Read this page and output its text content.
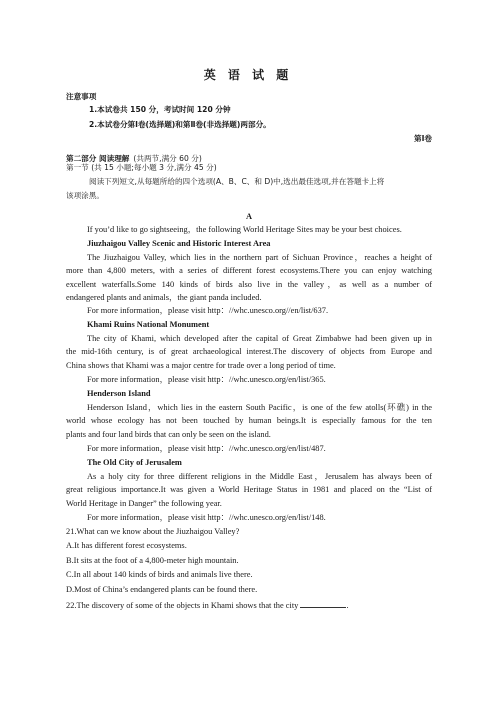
英 语 试 题
注意事项
1.本试卷共 150 分，考试时间 120 分钟
2.本试卷分第Ⅰ卷(选择题)和第Ⅱ卷(非选择题)两部分。
第Ⅰ卷
第二部分 阅读理解 (共两节,满分 60 分)
第一节 (共 15 小题;每小题 3 分,满分 45 分)
阅读下列短文,从每题所给的四个选项(A、B、C、和 D)中,选出最佳选项,并在答题卡上将
该项涂黑。
A
If you’d like to go sightseeing，the following World Heritage Sites may be your best choices.
Jiuzhaigou Valley Scenic and Historic Interest Area
The Jiuzhaigou Valley, which lies in the northern part of Sichuan Province，reaches a height of
more than 4,800 meters, with a series of different forest ecosystems.There you can enjoy watching
excellent waterfalls.Some 140 kinds of birds also live in the valley，as well as a number of
endangered plants and animals，the giant panda included.
For more information，please visit http：//whc.unesco.org//en/list/637.
Khami Ruins National Monument
The city of Khami, which developed after the capital of Great Zimbabwe had been given up in
the mid-16th century, is of great archaeological interest.The discovery of objects from Europe and
China shows that Khami was a major centre for trade over a long period of time.
For more information，please visit http：//whc.unesco.org/en/list/365.
Henderson Island
Henderson Island，which lies in the eastern South Pacific，is one of the few atolls(环礁) in the
world whose ecology has not been touched by human beings.It is especially famous for the ten
plants and four land birds that can only be seen on the island.
For more information，please visit http：//whc.unesco.org/en/list/487.
The Old City of Jerusalem
As a holy city for three different religions in the Middle East，Jerusalem has always been of
great religious importance.It was given a World Heritage Status in 1981 and placed on the “List of
World Heritage in Danger” the following year.
For more information，please visit http：//whc.unesco.org/en/list/148.
21.What can we know about the Jiuzhaigou Valley?
A.It has different forest ecosystems.
B.It sits at the foot of a 4,800-meter high mountain.
C.In all about 140 kinds of birds and animals live there.
D.Most of China’s endangered plants can be found there.
22.The discovery of some of the objects in Khami shows that the city	.
